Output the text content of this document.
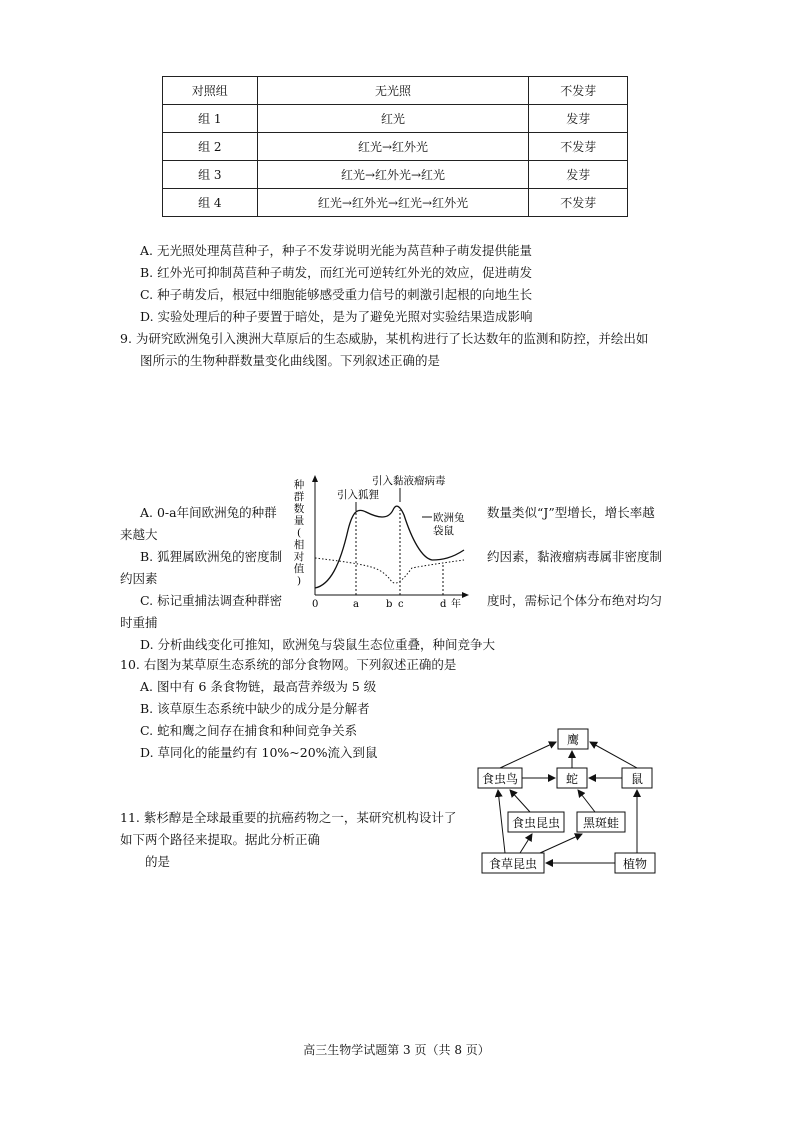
对照组	无光照	不发芽
组 1	红光	发芽
组 2	红光→红外光	不发芽
组 3	红光→红外光→红光	发芽
组 4	红光→红外光→红光→红外光	不发芽
A. 无光照处理莴苣种子，种子不发芽说明光能为莴苣种子萌发提供能量
B. 红外光可抑制莴苣种子萌发，而红光可逆转红外光的效应，促进萌发
C. 种子萌发后，根冠中细胞能够感受重力信号的刺激引起根的向地生长
D. 实验处理后的种子要置于暗处，是为了避免光照对实验结果造成影响
9. 为研究欧洲兔引入澳洲大草原后的生态威胁，某机构进行了长达数年的监测和防控，并绘出如
图所示的生物种群数量变化曲线图。下列叙述正确的是
A. 0-a年间欧洲兔的种群	数量类似“J”型增长，增长率越
来越大
B. 狐狸属欧洲兔的密度制	约因素，黏液瘤病毒属非密度制
约因素
C. 标记重捕法调查种群密	度时，需标记个体分布绝对均匀
时重捕
D. 分析曲线变化可推知，欧洲兔与袋鼠生态位重叠，种间竞争大
种
群
数
量
(
相
对
值
)
引入狐狸
引入黏液瘤病毒
欧洲兔
袋鼠
0	a	b c	d 年
10. 右图为某草原生态系统的部分食物网。下列叙述正确的是
A. 图中有 6 条食物链，最高营养级为 5 级
B. 该草原生态系统中缺少的成分是分解者
C. 蛇和鹰之间存在捕食和种间竞争关系
D. 草同化的能量约有 10%~20%流入到鼠
鹰
食虫鸟	蛇	鼠
食虫昆虫 黑斑蛙
食草昆虫	植物
11. 紫杉醇是全球最重要的抗癌药物之一，某研究机构设计了
如下两个路径来提取。据此分析正确
的是
高三生物学试题第 3 页（共 8 页）
